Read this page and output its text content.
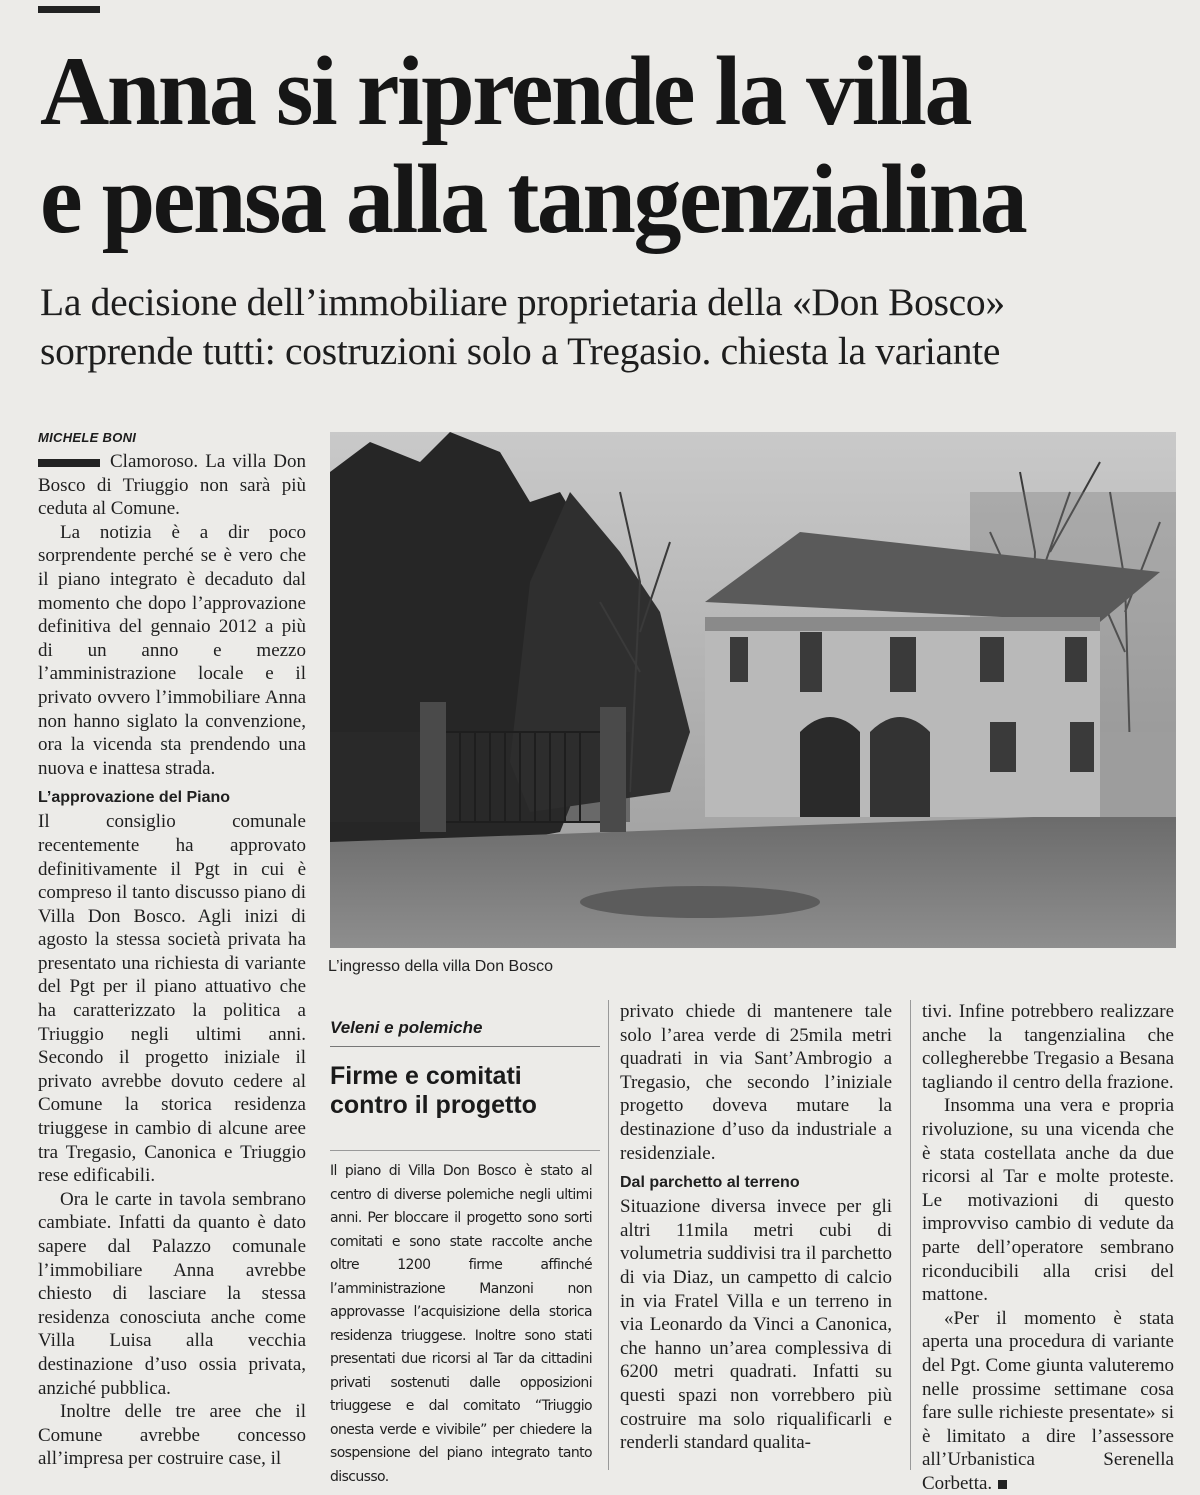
Anna si riprende la villa
e pensa alla tangenzialina
La decisione dell’immobiliare proprietaria della «Don Bosco»
sorprende tutti: costruzioni solo a Tregasio. chiesta la variante
MICHELE BONI

Clamoroso. La villa Don Bosco di Triuggio non sarà più ceduta al Comune.

La notizia è a dir poco sorprendente perché se è vero che il piano integrato è decaduto dal momento che dopo l’approvazione definitiva del gennaio 2012 a più di un anno e mezzo l’amministrazione locale e il privato ovvero l’immobiliare Anna non hanno siglato la convenzione, ora la vicenda sta prendendo una nuova e inattesa strada.

L’approvazione del Piano

Il consiglio comunale recentemente ha approvato definitivamente il Pgt in cui è compreso il tanto discusso piano di Villa Don Bosco. Agli inizi di agosto la stessa società privata ha presentato una richiesta di variante del Pgt per il piano attuativo che ha caratterizzato la politica a Triuggio negli ultimi anni. Secondo il progetto iniziale il privato avrebbe dovuto cedere al Comune la storica residenza triuggese in cambio di alcune aree tra Tregasio, Canonica e Triuggio rese edificabili.

Ora le carte in tavola sembrano cambiate. Infatti da quanto è dato sapere dal Palazzo comunale l’immobiliare Anna avrebbe chiesto di lasciare la stessa residenza conosciuta anche come Villa Luisa alla vecchia destinazione d’uso ossia privata, anziché pubblica.

Inoltre delle tre aree che il Comune avrebbe concesso all’impresa per costruire case, il

L’ingresso della villa Don Bosco
Veleni e polemiche
Firme e comitati
contro il progetto
Il piano di Villa Don Bosco è stato al centro di diverse polemiche negli ultimi anni. Per bloccare il progetto sono sorti comitati e sono state raccolte anche oltre 1200 firme affinché l’amministrazione Manzoni non approvasse l’acquisizione della storica residenza triuggese. Inoltre sono stati presentati due ricorsi al Tar da cittadini privati sostenuti dalle opposizioni triuggese e dal comitato “Triuggio onesta verde e vivibile” per chiedere la sospensione del piano integrato tanto discusso.

privato chiede di mantenere tale solo l’area verde di 25mila metri quadrati in via Sant’Ambrogio a Tregasio, che secondo l’iniziale progetto doveva mutare la destinazione d’uso da industriale a residenziale.

Dal parchetto al terreno

Situazione diversa invece per gli altri 11mila metri cubi di volumetria suddivisi tra il parchetto di via Diaz, un campetto di calcio in via Fratel Villa e un terreno in via Leonardo da Vinci a Canonica, che hanno un’area complessiva di 6200 metri quadrati. Infatti su questi spazi non vorrebbero più costruire ma solo riqualificarli e renderli standard qualita-

tivi. Infine potrebbero realizzare anche la tangenzialina che collegherebbe Tregasio a Besana tagliando il centro della frazione.

Insomma una vera e propria rivoluzione, su una vicenda che è stata costellata anche da due ricorsi al Tar e molte proteste. Le motivazioni di questo improvviso cambio di vedute da parte dell’operatore sembrano riconducibili alla crisi del mattone.

«Per il momento è stata aperta una procedura di variante del Pgt. Come giunta valuteremo nelle prossime settimane cosa fare sulle richieste presentate» si è limitato a dire l’assessore all’Urbanistica Serenella Corbetta.
